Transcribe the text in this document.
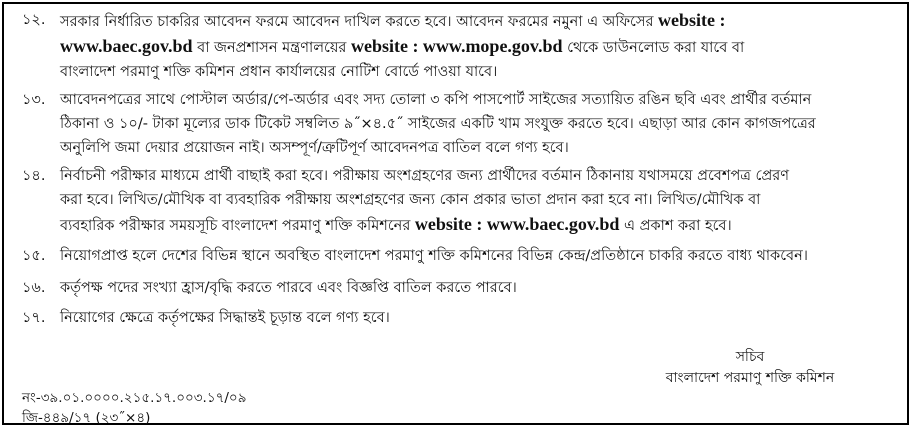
১২.	সরকার নির্ধারিত চাকরির আবেদন ফরমে আবেদন দাখিল করতে হবে। আবেদন ফরমের নমুনা এ অফিসের website :
www.baec.gov.bd বা জনপ্রশাসন মন্ত্রণালয়ের website : www.mope.gov.bd থেকে ডাউনলোড করা যাবে বা
বাংলাদেশ পরমাণু শক্তি কমিশন প্রধান কার্যালয়ের নোটিশ বোর্ডে পাওয়া যাবে।
১৩.	আবেদনপত্রের সাথে পোস্টাল অর্ডার/পে-অর্ডার এবং সদ্য তোলা ৩ কপি পাসপোর্ট সাইজের সত্যায়িত রঙিন ছবি এবং প্রার্থীর বর্তমান
ঠিকানা ও ১০/- টাকা মূল্যের ডাক টিকেট সম্বলিত ৯˝×৪.৫˝ সাইজের একটি খাম সংযুক্ত করতে হবে। এছাড়া আর কোন কাগজপত্রের
অনুলিপি জমা দেয়ার প্রয়োজন নাই। অসম্পূর্ণ/ত্রুটিপূর্ণ আবেদনপত্র বাতিল বলে গণ্য হবে।
১৪.	নির্বাচনী পরীক্ষার মাধ্যমে প্রার্থী বাছাই করা হবে। পরীক্ষায় অংশগ্রহণের জন্য প্রার্থীদের বর্তমান ঠিকানায় যথাসময়ে প্রবেশপত্র প্রেরণ
করা হবে। লিখিত/মৌখিক বা ব্যবহারিক পরীক্ষায় অংশগ্রহণের জন্য কোন প্রকার ভাতা প্রদান করা হবে না। লিখিত/মৌখিক বা
ব্যবহারিক পরীক্ষার সময়সূচি বাংলাদেশ পরমাণু শক্তি কমিশনের website : www.baec.gov.bd এ প্রকাশ করা হবে।
১৫.	নিয়োগপ্রাপ্ত হলে দেশের বিভিন্ন স্থানে অবস্থিত বাংলাদেশ পরমাণু শক্তি কমিশনের বিভিন্ন কেন্দ্র/প্রতিষ্ঠানে চাকরি করতে বাধ্য থাকবেন।
১৬.	কর্তৃপক্ষ পদের সংখ্যা হ্রাস/বৃদ্ধি করতে পারবে এবং বিজ্ঞপ্তি বাতিল করতে পারবে।
১৭.	নিয়োগের ক্ষেত্রে কর্তৃপক্ষের সিদ্ধান্তই চূড়ান্ত বলে গণ্য হবে।
সচিব
বাংলাদেশ পরমাণু শক্তি কমিশন
নং-৩৯.০১.০০০০.২১৫.১৭.০০৩.১৭/০৯
জি-৪৪৯/১৭ (২৩˝×৪)
